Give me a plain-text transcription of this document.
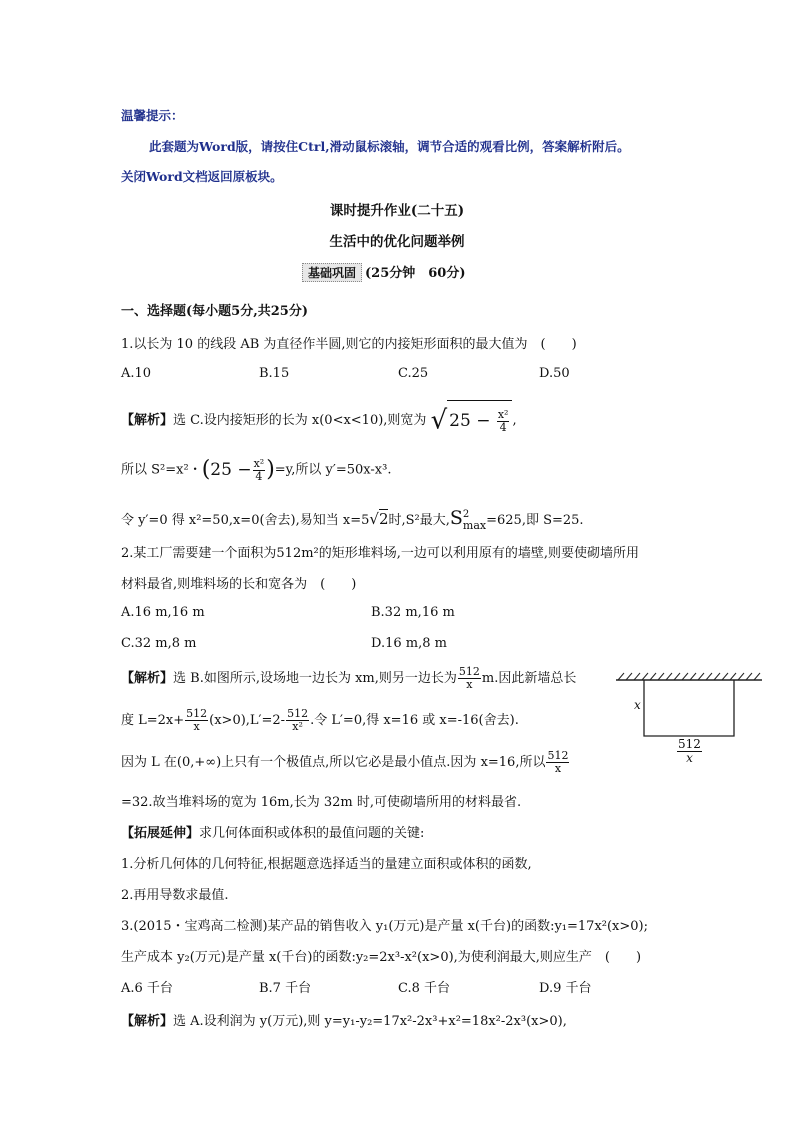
温馨提示：
此套题为Word版，请按住Ctrl,滑动鼠标滚轴，调节合适的观看比例，答案解析附后。
关闭Word文档返回原板块。
课时提升作业(二十五)
生活中的优化问题举例
基础巩固 (25分钟　60分)
一、选择题(每小题5分,共25分)
1.以长为 10 的线段 AB 为直径作半圆,则它的内接矩形面积的最大值为　(　　)
A.10	B.15	C.25	D.50
【解析】选 C.设内接矩形的长为 x(0<x<10),则宽为 √ $25 - \frac{\text{x²}}{4}$ ,
所以 S²=x²・$(25 - \frac{\text{x²}}{4} )=y$,所以 y′=50x-x³.
令 y′=0 得 x²=50,x=0(舍去),易知当 x=5√2时,S²最大,S 2
max =625,即 S=25.
2.某工厂需要建一个面积为512m²的矩形堆料场,一边可以利用原有的墙壁,则要使砌墙所用
材料最省,则堆料场的长和宽各为　(　　)
A.16 m,16 m	B.32 m,16 m
C.32 m,8 m	D.16 m,8 m
【解析】选 B.如图所示,设场地一边长为 xm,则另一边长为 $\frac{512}{x} m$.因此新墙总长
度 $L=2x+ \frac{512}{x} (x>0),L'=2- \frac{512}{\text{x²}}$ .令 L′=0,得 x=16 或 x=-16(舍去).
因为 L 在(0,+∞)上只有一个极值点,所以它必是最小值点.因为 x=16,所以 $\frac{512}{x}$
=32.故当堆料场的宽为 16m,长为 32m 时,可使砌墙所用的材料最省.
x
$\frac{512}{x}$
【拓展延伸】求几何体面积或体积的最值问题的关键:
1.分析几何体的几何特征,根据题意选择适当的量建立面积或体积的函数,
2.再用导数求最值.
3.(2015・宝鸡高二检测)某产品的销售收入 y₁(万元)是产量 x(千台)的函数:y₁=17x²(x>0);
生产成本 y₂(万元)是产量 x(千台)的函数:y₂=2x³-x²(x>0),为使利润最大,则应生产　(　　)
A.6 千台	B.7 千台	C.8 千台	D.9 千台
【解析】选 A.设利润为 y(万元),则 y=y₁-y₂=17x²-2x³+x²=18x²-2x³(x>0),
